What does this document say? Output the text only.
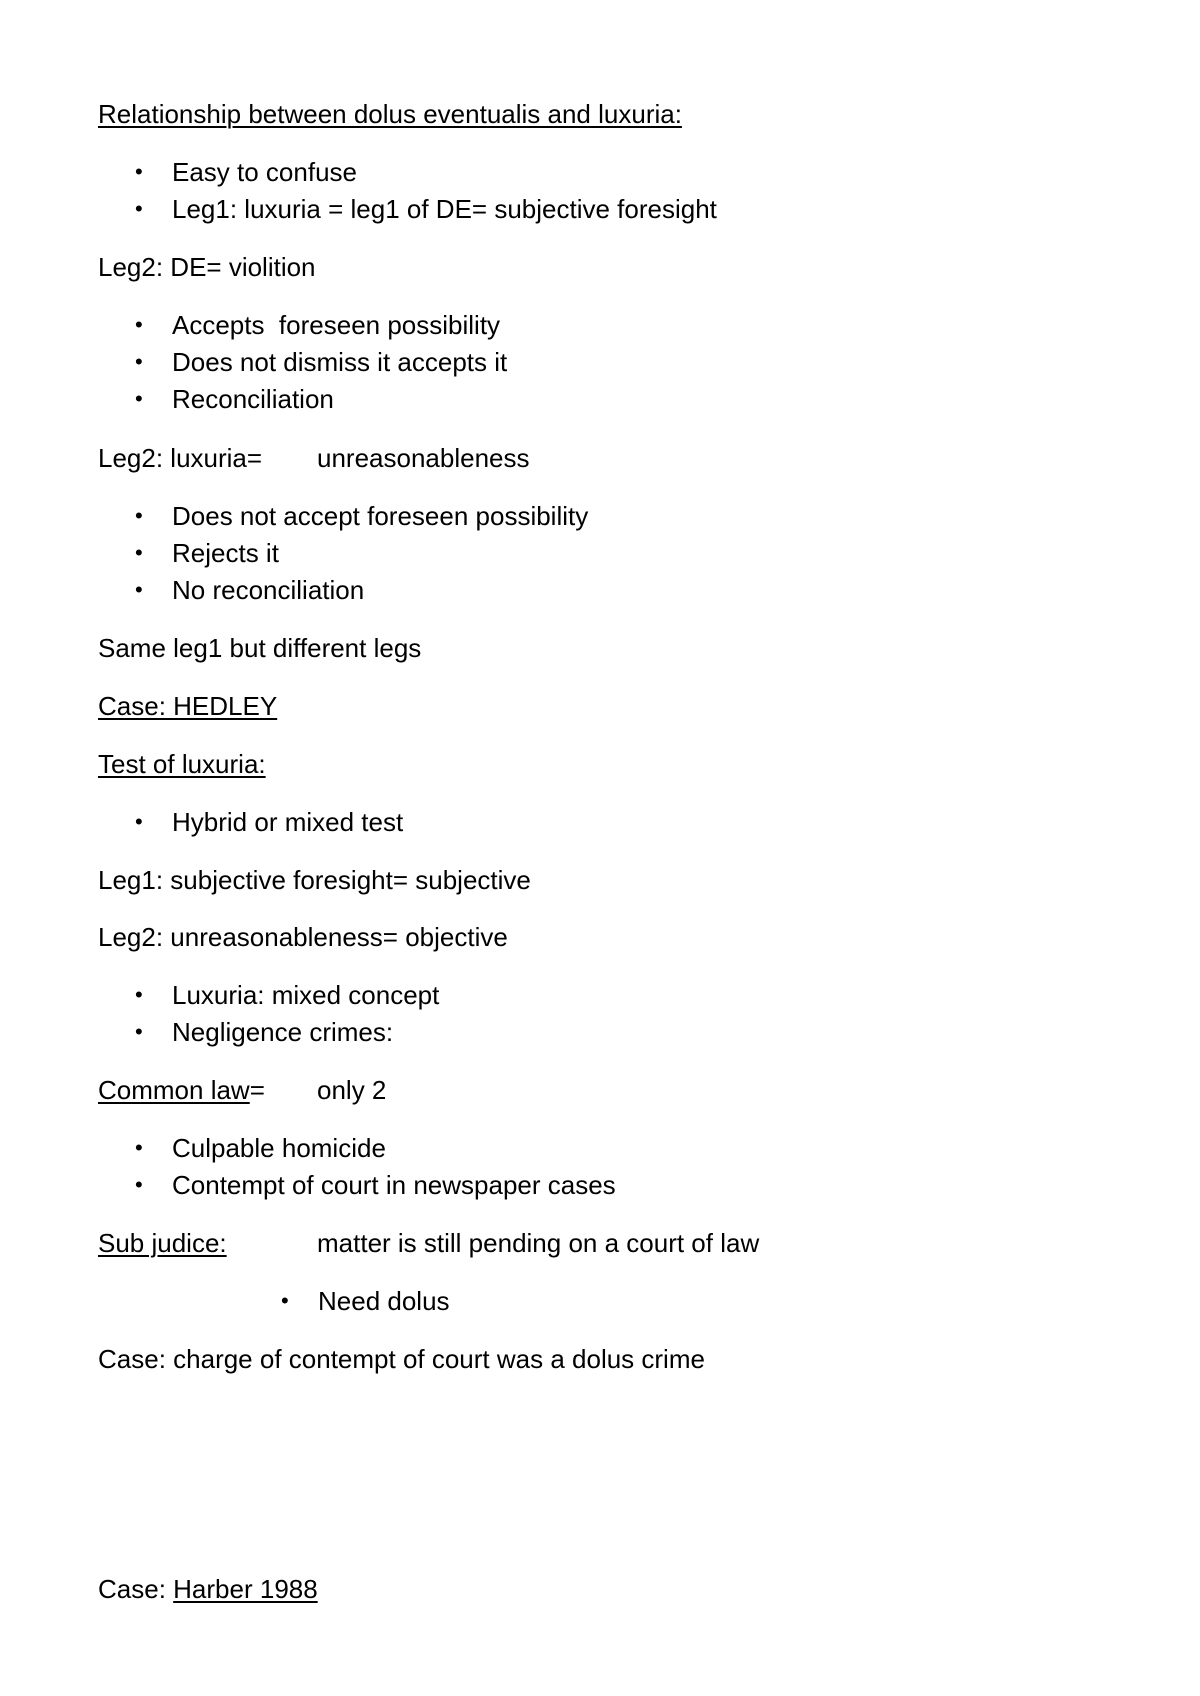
Relationship between dolus eventualis and luxuria:
• Easy to confuse
• Leg1: luxuria = leg1 of DE= subjective foresight
Leg2: DE= violition
• Accepts  foreseen possibility
• Does not dismiss it accepts it
• Reconciliation
Leg2: luxuria= unreasonableness
• Does not accept foreseen possibility
• Rejects it
• No reconciliation
Same leg1 but different legs
Case: HEDLEY
Test of luxuria:
• Hybrid or mixed test
Leg1: subjective foresight= subjective
Leg2: unreasonableness= objective
• Luxuria: mixed concept
• Negligence crimes:
Common law= only 2
• Culpable homicide
• Contempt of court in newspaper cases
Sub judice:	matter is still pending on a court of law
• Need dolus
Case: charge of contempt of court was a dolus crime
Case: Harber 1988
